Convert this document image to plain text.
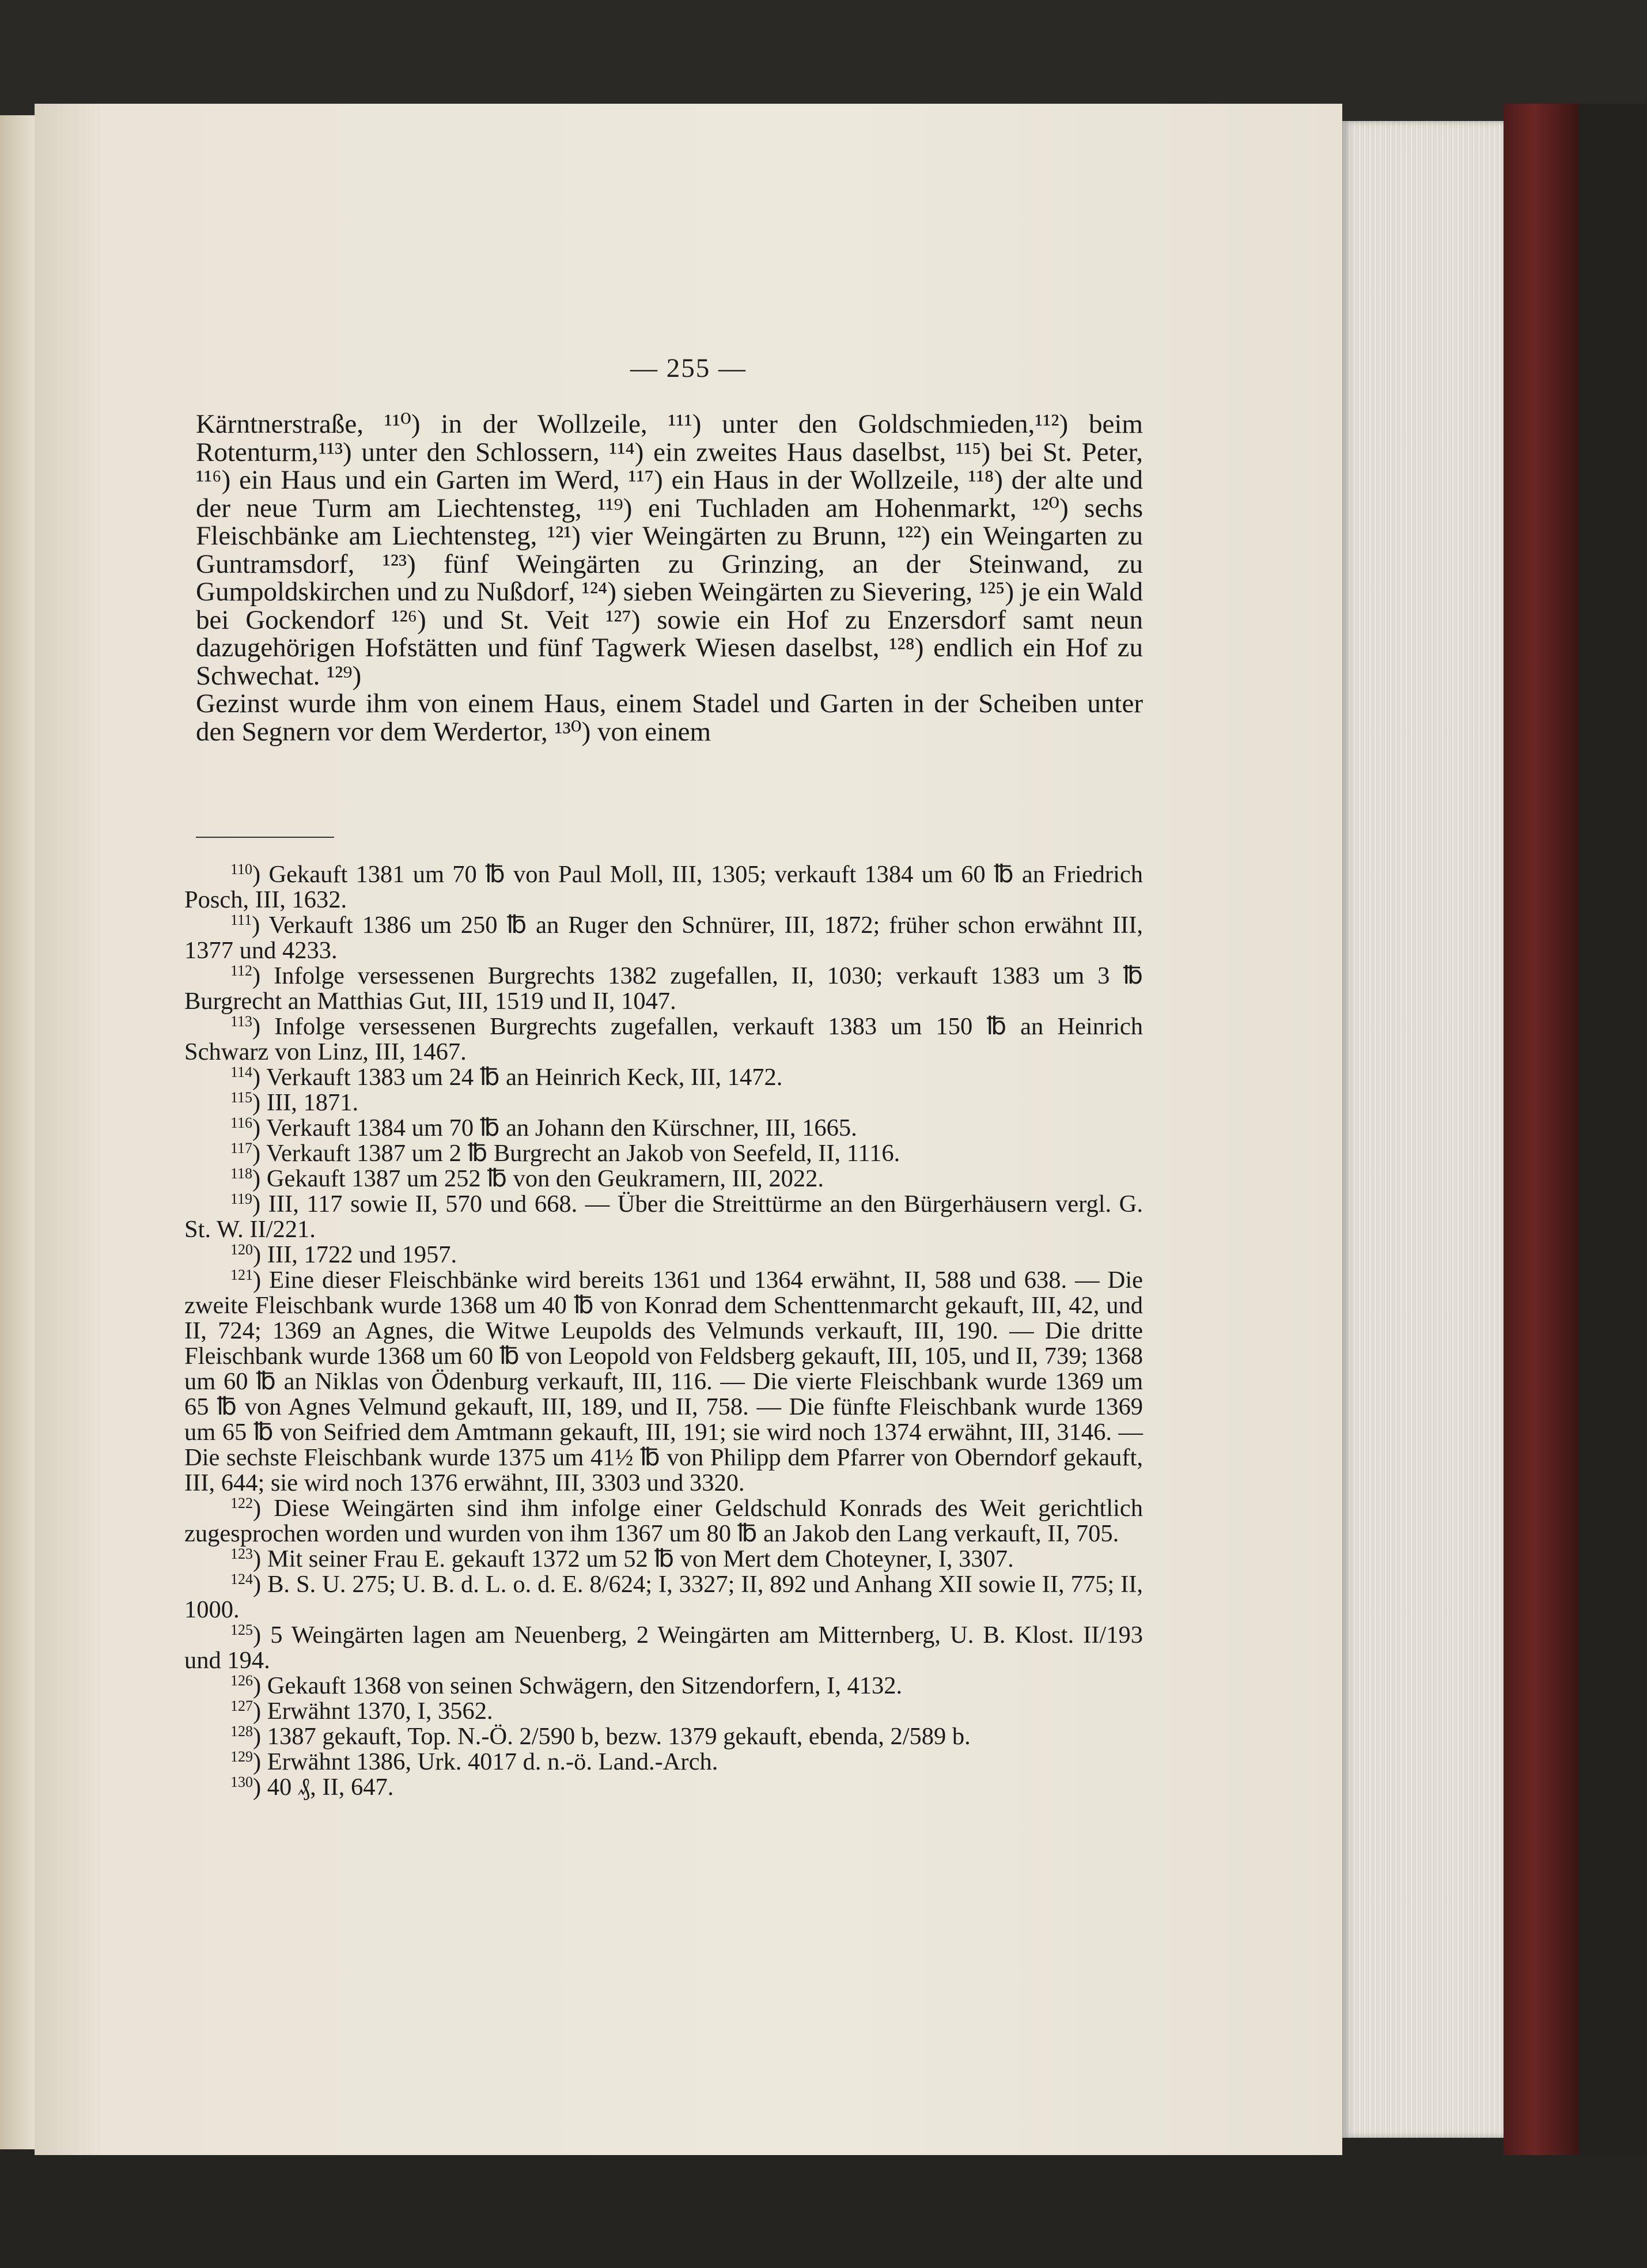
— 255 —

Kärntnerstraße, ¹¹⁰) in der Wollzeile, ¹¹¹) unter den Goldschmieden,¹¹²) beim Rotenturm,¹¹³) unter den Schlossern, ¹¹⁴) ein zweites Haus daselbst, ¹¹⁵) bei St. Peter, ¹¹⁶) ein Haus und ein Garten im Werd, ¹¹⁷) ein Haus in der Wollzeile, ¹¹⁸) der alte und der neue Turm am Liechtensteg, ¹¹⁹) eni Tuchladen am Hohenmarkt, ¹²⁰) sechs Fleischbänke am Liechtensteg, ¹²¹) vier Weingärten zu Brunn, ¹²²) ein Weingarten zu Guntramsdorf, ¹²³) fünf Weingärten zu Grinzing, an der Steinwand, zu Gumpoldskirchen und zu Nußdorf, ¹²⁴) sieben Weingärten zu Sievering, ¹²⁵) je ein Wald bei Gockendorf ¹²⁶) und St. Veit ¹²⁷) sowie ein Hof zu Enzersdorf samt neun dazugehörigen Hofstätten und fünf Tagwerk Wiesen daselbst, ¹²⁸) endlich ein Hof zu Schwechat. ¹²⁹)

Gezinst wurde ihm von einem Haus, einem Stadel und Garten in der Scheiben unter den Segnern vor dem Werdertor, ¹³⁰) von einem

$^{110}$) Gekauft 1381 um 70 ℔ von Paul Moll, III, 1305; verkauft 1384 um 60 ℔ an Friedrich Posch, III, 1632.

$^{111}$) Verkauft 1386 um 250 ℔ an Ruger den Schnürer, III, 1872; früher schon erwähnt III, 1377 und 4233.

$^{112}$) Infolge versessenen Burgrechts 1382 zugefallen, II, 1030; verkauft 1383 um 3 ℔ Burgrecht an Matthias Gut, III, 1519 und II, 1047.

$^{113}$) Infolge versessenen Burgrechts zugefallen, verkauft 1383 um 150 ℔ an Heinrich Schwarz von Linz, III, 1467.

$^{114}$) Verkauft 1383 um 24 ℔ an Heinrich Keck, III, 1472.

$^{115}$) III, 1871.

$^{116}$) Verkauft 1384 um 70 ℔ an Johann den Kürschner, III, 1665.

$^{117}$) Verkauft 1387 um 2 ℔ Burgrecht an Jakob von Seefeld, II, 1116.

$^{118}$) Gekauft 1387 um 252 ℔ von den Geukramern, III, 2022.

$^{119}$) III, 117 sowie II, 570 und 668. — Über die Streittürme an den Bürgerhäusern vergl. G. St. W. II/221.

$^{120}$) III, 1722 und 1957.

$^{121}$) Eine dieser Fleischbänke wird bereits 1361 und 1364 erwähnt, II, 588 und 638. — Die zweite Fleischbank wurde 1368 um 40 ℔ von Konrad dem Schenttenmarcht gekauft, III, 42, und II, 724; 1369 an Agnes, die Witwe Leupolds des Velmunds verkauft, III, 190. — Die dritte Fleischbank wurde 1368 um 60 ℔ von Leopold von Feldsberg gekauft, III, 105, und II, 739; 1368 um 60 ℔ an Niklas von Ödenburg verkauft, III, 116. — Die vierte Fleischbank wurde 1369 um 65 ℔ von Agnes Velmund gekauft, III, 189, und II, 758. — Die fünfte Fleischbank wurde 1369 um 65 ℔ von Seifried dem Amtmann gekauft, III, 191; sie wird noch 1374 erwähnt, III, 3146. — Die sechste Fleischbank wurde 1375 um 41½ ℔ von Philipp dem Pfarrer von Oberndorf gekauft, III, 644; sie wird noch 1376 erwähnt, III, 3303 und 3320.

$^{122}$) Diese Weingärten sind ihm infolge einer Geldschuld Konrads des Weit gerichtlich zugesprochen worden und wurden von ihm 1367 um 80 ℔ an Jakob den Lang verkauft, II, 705.

$^{123}$) Mit seiner Frau E. gekauft 1372 um 52 ℔ von Mert dem Choteyner, I, 3307.

$^{124}$) B. S. U. 275; U. B. d. L. o. d. E. 8/624; I, 3327; II, 892 und Anhang XII sowie II, 775; II, 1000.

$^{125}$) 5 Weingärten lagen am Neuenberg, 2 Weingärten am Mitternberg, U. B. Klost. II/193 und 194.

$^{126}$) Gekauft 1368 von seinen Schwägern, den Sitzendorfern, I, 4132.

$^{127}$) Erwähnt 1370, I, 3562.

$^{128}$) 1387 gekauft, Top. N.-Ö. 2/590 b, bezw. 1379 gekauft, ebenda, 2/589 b.

$^{129}$) Erwähnt 1386, Urk. 4017 d. n.-ö. Land.-Arch.

$^{130}$) 40 ₰, II, 647.
